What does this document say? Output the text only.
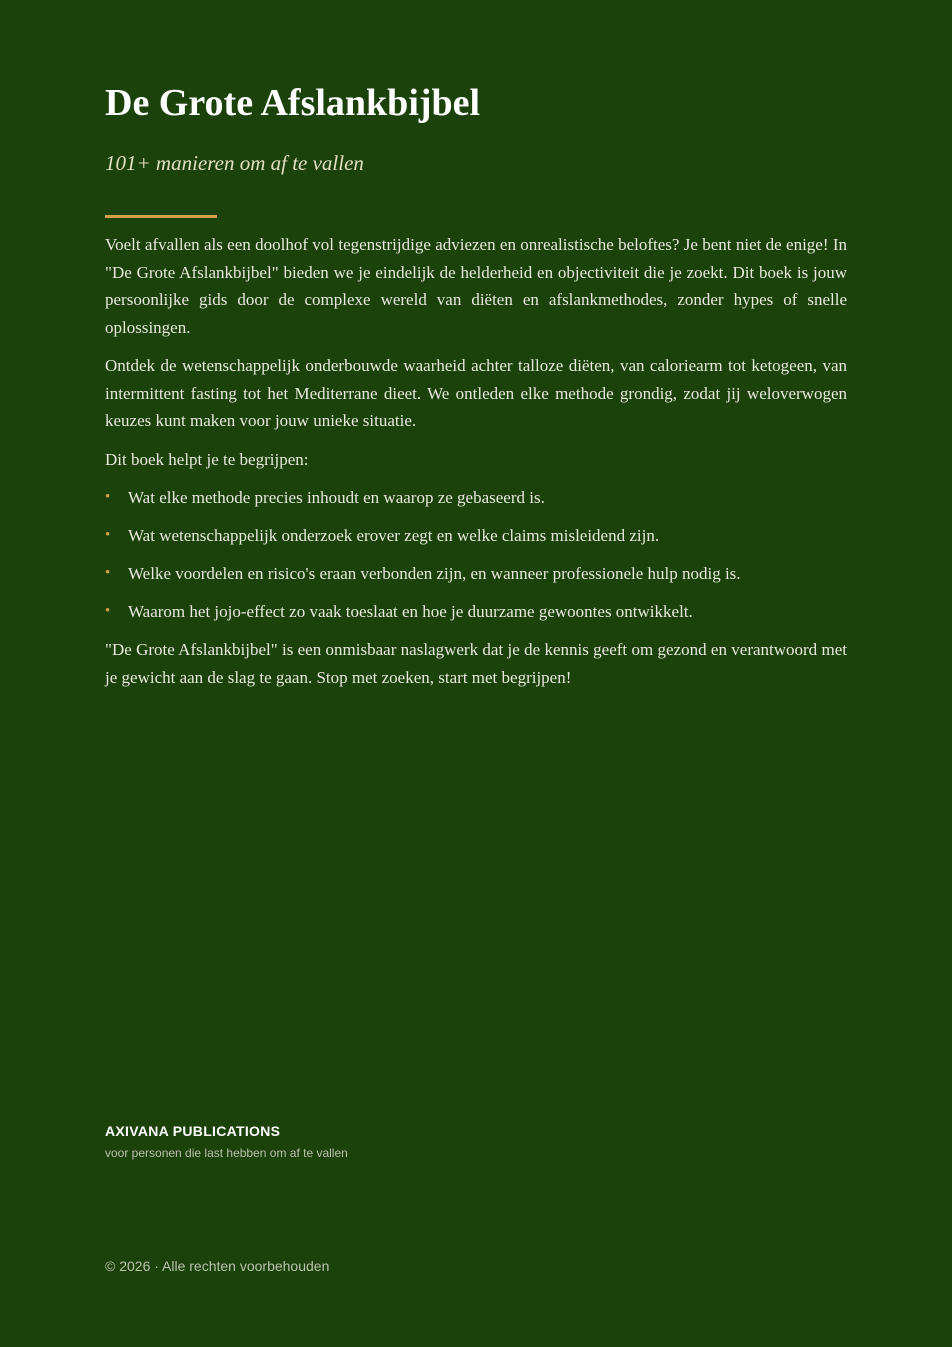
De Grote Afslankbijbel
101+ manieren om af te vallen

Voelt afvallen als een doolhof vol tegenstrijdige adviezen en onrealistische beloftes? Je bent niet de enige! In "De Grote Afslankbijbel" bieden we je eindelijk de helderheid en objectiviteit die je zoekt. Dit boek is jouw persoonlijke gids door de complexe wereld van diëten en afslankmethodes, zonder hypes of snelle oplossingen.

Ontdek de wetenschappelijk onderbouwde waarheid achter talloze diëten, van caloriearm tot ketogeen, van intermittent fasting tot het Mediterrane dieet. We ontleden elke methode grondig, zodat jij weloverwogen keuzes kunt maken voor jouw unieke situatie.

Dit boek helpt je te begrijpen:

• Wat elke methode precies inhoudt en waarop ze gebaseerd is.
• Wat wetenschappelijk onderzoek erover zegt en welke claims misleidend zijn.
• Welke voordelen en risico's eraan verbonden zijn, en wanneer professionele hulp nodig is.
• Waarom het jojo-effect zo vaak toeslaat en hoe je duurzame gewoontes ontwikkelt.

"De Grote Afslankbijbel" is een onmisbaar naslagwerk dat je de kennis geeft om gezond en verantwoord met je gewicht aan de slag te gaan. Stop met zoeken, start met begrijpen!

AXIVANA PUBLICATIONS
voor personen die last hebben om af te vallen
© 2026 · Alle rechten voorbehouden
